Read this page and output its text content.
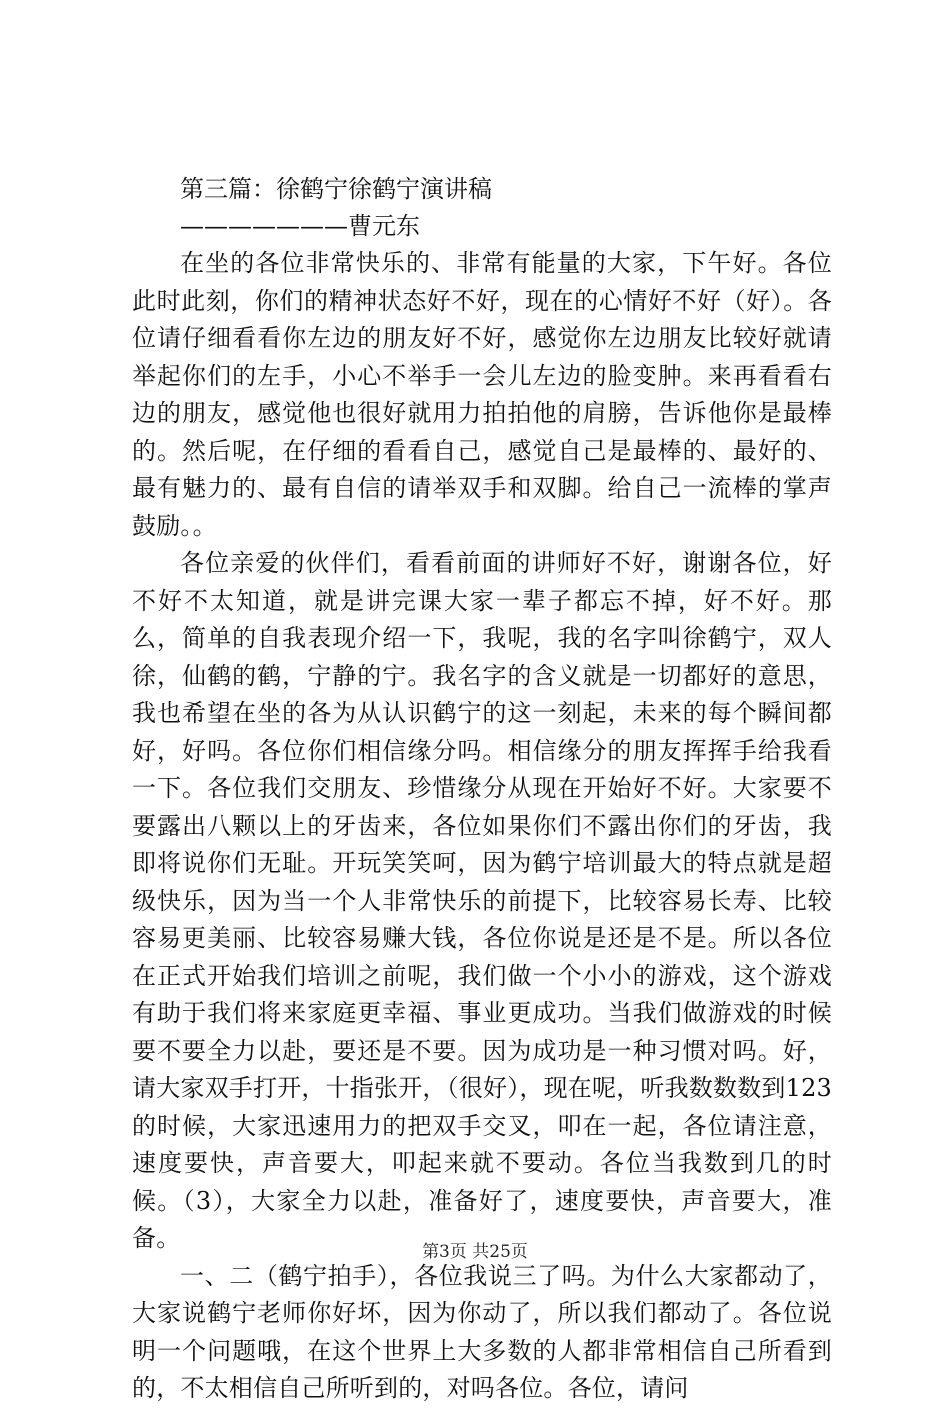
第三篇：徐鹤宁徐鹤宁演讲稿

———————曹元东

在坐的各位非常快乐的、非常有能量的大家，下午好。各位此时此刻，你们的精神状态好不好，现在的心情好不好（好）。各位请仔细看看你左边的朋友好不好，感觉你左边朋友比较好就请举起你们的左手，小心不举手一会儿左边的脸变肿。来再看看右边的朋友，感觉他也很好就用力拍拍他的肩膀，告诉他你是最棒的。然后呢，在仔细的看看自己，感觉自己是最棒的、最好的、最有魅力的、最有自信的请举双手和双脚。给自己一流棒的掌声鼓励。。

各位亲爱的伙伴们，看看前面的讲师好不好，谢谢各位，好不好不太知道，就是讲完课大家一辈子都忘不掉，好不好。那么，简单的自我表现介绍一下，我呢，我的名字叫徐鹤宁，双人徐，仙鹤的鹤，宁静的宁。我名字的含义就是一切都好的意思，我也希望在坐的各为从认识鹤宁的这一刻起，未来的每个瞬间都好，好吗。各位你们相信缘分吗。相信缘分的朋友挥挥手给我看一下。各位我们交朋友、珍惜缘分从现在开始好不好。大家要不要露出八颗以上的牙齿来，各位如果你们不露出你们的牙齿，我即将说你们无耻。开玩笑笑呵，因为鹤宁培训最大的特点就是超级快乐，因为当一个人非常快乐的前提下，比较容易长寿、比较容易更美丽、比较容易赚大钱，各位你说是还是不是。所以各位在正式开始我们培训之前呢，我们做一个小小的游戏，这个游戏有助于我们将来家庭更幸福、事业更成功。当我们做游戏的时候要不要全力以赴，要还是不要。因为成功是一种习惯对吗。好，请大家双手打开，十指张开，（很好），现在呢，听我数数数到123的时候，大家迅速用力的把双手交叉，叩在一起，各位请注意，速度要快，声音要大，叩起来就不要动。各位当我数到几的时候。（3），大家全力以赴，准备好了，速度要快，声音要大，准备。

一、二（鹤宁拍手），各位我说三了吗。为什么大家都动了，大家说鹤宁老师你好坏，因为你动了，所以我们都动了。各位说明一个问题哦，在这个世界上大多数的人都非常相信自己所看到的，不太相信自己所听到的，对吗各位。各位，请问

第3页 共25页
